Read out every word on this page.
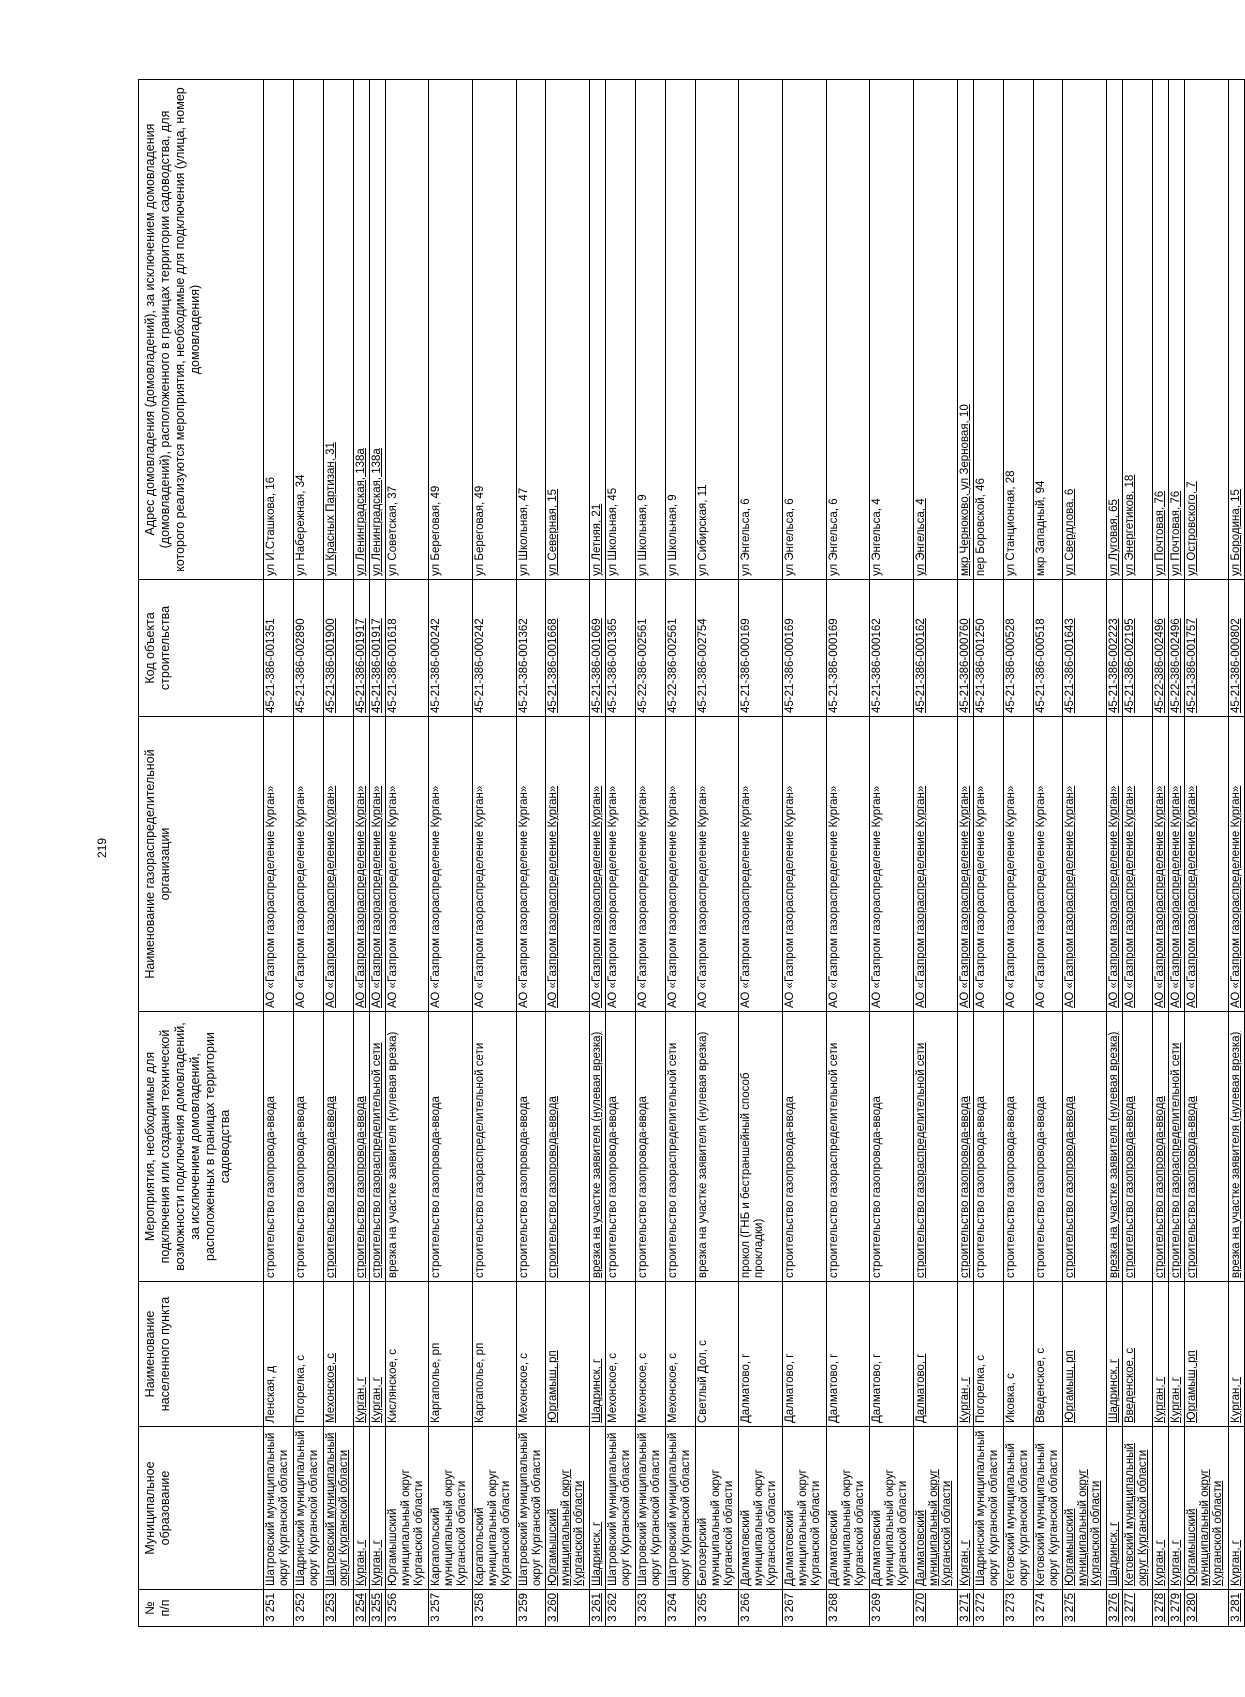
219
№ п/п	Муниципальное образование	Наименование населенного пункта	Мероприятия, необходимые для подключения или создания технической возможности подключения домовладений, за исключением домовладений, расположенных в границах территории садоводства	Наименование газораспределительной организации	Код объекта строительства	Адрес домовладения (домовладений), за исключением домовладения (домовладений), расположенного в границах территории садоводства, для которого реализуются мероприятия, необходимые для подключения (улица, номер домовладения)
3 251	Шатровский муниципальный округ Курганской области	Ленская, д	строительство газопровода-ввода	АО «Газпром газораспределение Курган»	45-21-386-001351	ул И.Сташкова, 16
3 252	Шадринский муниципальный округ Курганской области	Погорелка, с	строительство газопровода-ввода	АО «Газпром газораспределение Курган»	45-21-386-002890	ул Набережная, 34
3 253	Шатровский муниципальный округ Курганской области	Мехонское, с	строительство газопровода-ввода	АО «Газпром газораспределение Курган»	45-21-386-001900	ул Красных Партизан, 31
3 254	Курган, г	Курган, г	строительство газопровода-ввода	АО «Газпром газораспределение Курган»	45-21-386-001917	ул Ленинградская, 138а
3 255	Курган, г	Курган, г	строительство газораспределительной сети	АО «Газпром газораспределение Курган»	45-21-386-001917	ул Ленинградская, 138а
3 256	Юргамышский муниципальный округ Курганской области	Кислянское, с	врезка на участке заявителя (нулевая врезка)	АО «Газпром газораспределение Курган»	45-21-386-001618	ул Советская, 37
3 257	Каргапольский муниципальный округ Курганской области	Каргаполье, рп	строительство газопровода-ввода	АО «Газпром газораспределение Курган»	45-21-386-000242	ул Береговая, 49
3 258	Каргапольский муниципальный округ Курганской области	Каргаполье, рп	строительство газораспределительной сети	АО «Газпром газораспределение Курган»	45-21-386-000242	ул Береговая, 49
3 259	Шатровский муниципальный округ Курганской области	Мехонское, с	строительство газопровода-ввода	АО «Газпром газораспределение Курган»	45-21-386-001362	ул Школьная, 47
3 260	Юргамышский муниципальный округ Курганской области	Юргамыш, рп	строительство газопровода-ввода	АО «Газпром газораспределение Курган»	45-21-386-001668	ул Северная, 15
3 261	Шадринск, г	Шадринск, г	врезка на участке заявителя (нулевая врезка)	АО «Газпром газораспределение Курган»	45-21-386-001069	ул Летняя, 21
3 262	Шатровский муниципальный округ Курганской области	Мехонское, с	строительство газопровода-ввода	АО «Газпром газораспределение Курган»	45-21-386-001365	ул Школьная, 45
3 263	Шатровский муниципальный округ Курганской области	Мехонское, с	строительство газопровода-ввода	АО «Газпром газораспределение Курган»	45-22-386-002561	ул Школьная, 9
3 264	Шатровский муниципальный округ Курганской области	Мехонское, с	строительство газораспределительной сети	АО «Газпром газораспределение Курган»	45-22-386-002561	ул Школьная, 9
3 265	Белозерский муниципальный округ Курганской области	Светлый Дол, с	врезка на участке заявителя (нулевая врезка)	АО «Газпром газораспределение Курган»	45-21-386-002754	ул Сибирская, 11
3 266	Далматовский муниципальный округ Курганской области	Далматово, г	прокол (ГНБ и бестраншейный способ прокладки)	АО «Газпром газораспределение Курган»	45-21-386-000169	ул Энгельса, 6
3 267	Далматовский муниципальный округ Курганской области	Далматово, г	строительство газопровода-ввода	АО «Газпром газораспределение Курган»	45-21-386-000169	ул Энгельса, 6
3 268	Далматовский муниципальный округ Курганской области	Далматово, г	строительство газораспределительной сети	АО «Газпром газораспределение Курган»	45-21-386-000169	ул Энгельса, 6
3 269	Далматовский муниципальный округ Курганской области	Далматово, г	строительство газопровода-ввода	АО «Газпром газораспределение Курган»	45-21-386-000162	ул Энгельса, 4
3 270	Далматовский муниципальный округ Курганской области	Далматово, г	строительство газораспределительной сети	АО «Газпром газораспределение Курган»	45-21-386-000162	ул Энгельса, 4
3 271	Курган, г	Курган, г	строительство газопровода-ввода	АО «Газпром газораспределение Курган»	45-21-386-000760	мкр Черноково, ул Зерновая, 10
3 272	Шадринский муниципальный округ Курганской области	Погорелка, с	строительство газопровода-ввода	АО «Газпром газораспределение Курган»	45-21-386-001250	пер Боровской, 46
3 273	Кетовский муниципальный округ Курганской области	Иковка, с	строительство газопровода-ввода	АО «Газпром газораспределение Курган»	45-21-386-000528	ул Станционная, 28
3 274	Кетовский муниципальный округ Курганской области	Введенское, с	строительство газопровода-ввода	АО «Газпром газораспределение Курган»	45-21-386-000518	мкр Западный, 94
3 275	Юргамышский муниципальный округ Курганской области	Юргамыш, рп	строительство газопровода-ввода	АО «Газпром газораспределение Курган»	45-21-386-001643	ул Свердлова, 6
3 276	Шадринск, г	Шадринск, г	врезка на участке заявителя (нулевая врезка)	АО «Газпром газораспределение Курган»	45-21-386-002223	ул Луговая, 65
3 277	Кетовский муниципальный округ Курганской области	Введенское, с	строительство газопровода-ввода	АО «Газпром газораспределение Курган»	45-21-386-002195	ул Энергетиков, 18
3 278	Курган, г	Курган, г	строительство газопровода-ввода	АО «Газпром газораспределение Курган»	45-22-386-002496	ул Почтовая, 76
3 279	Курган, г	Курган, г	строительство газораспределительной сети	АО «Газпром газораспределение Курган»	45-22-386-002496	ул Почтовая, 76
3 280	Юргамышский муниципальный округ Курганской области	Юргамыш, рп	строительство газопровода-ввода	АО «Газпром газораспределение Курган»	45-21-386-001757	ул Островского, 7
3 281	Курган, г	Курган, г	врезка на участке заявителя (нулевая врезка)	АО «Газпром газораспределение Курган»	45-21-386-000802	ул Бородина, 15
